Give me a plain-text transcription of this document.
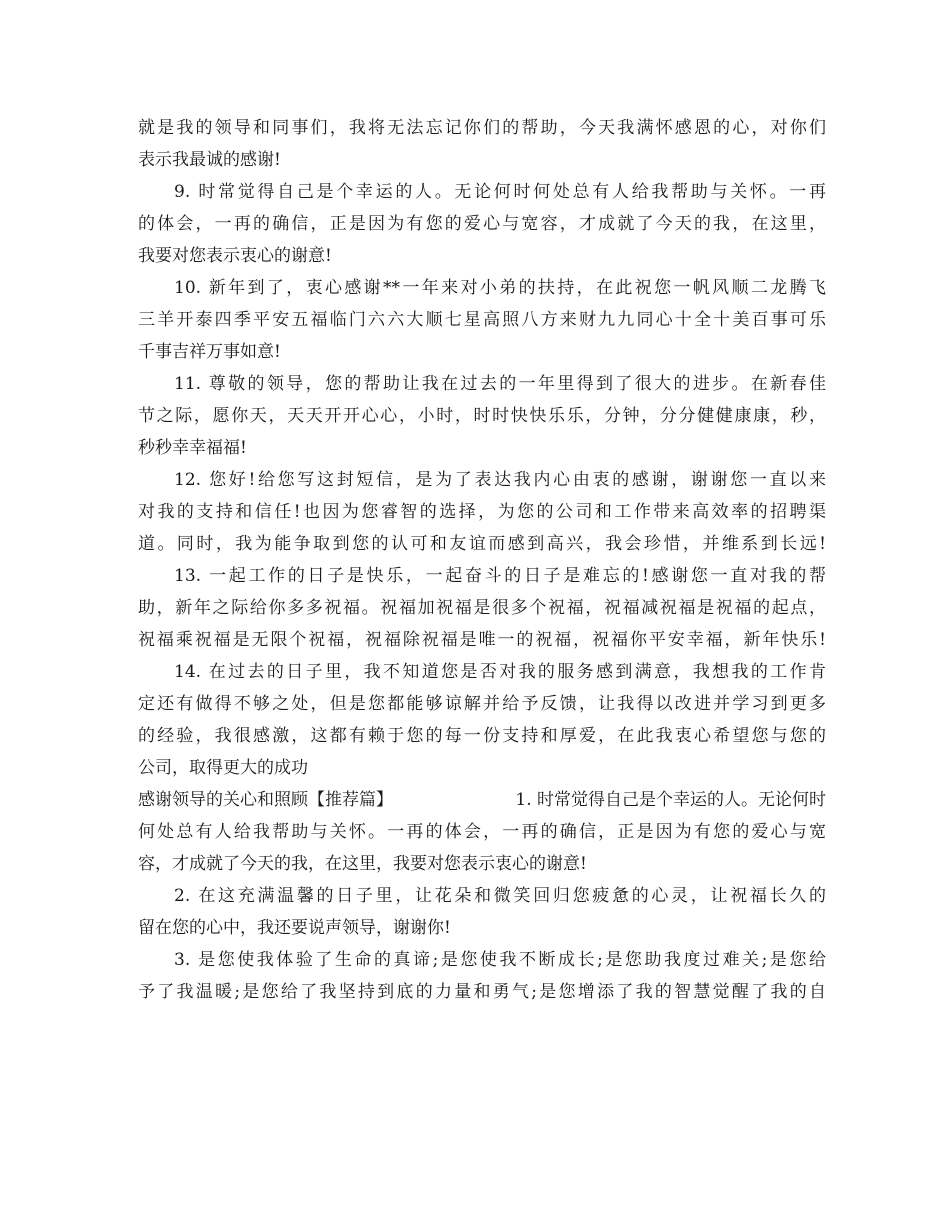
就是我的领导和同事们，我将无法忘记你们的帮助，今天我满怀感恩的心，对你们
表示我最诚的感谢!
9. 时常觉得自己是个幸运的人。无论何时何处总有人给我帮助与关怀。一再
的体会，一再的确信，正是因为有您的爱心与宽容，才成就了今天的我，在这里，
我要对您表示衷心的谢意!
10. 新年到了，衷心感谢**一年来对小弟的扶持，在此祝您一帆风顺二龙腾飞
三羊开泰四季平安五福临门六六大顺七星高照八方来财九九同心十全十美百事可乐
千事吉祥万事如意!
11. 尊敬的领导，您的帮助让我在过去的一年里得到了很大的进步。在新春佳
节之际，愿你天，天天开开心心，小时，时时快快乐乐，分钟，分分健健康康，秒，
秒秒幸幸福福!
12. 您好!给您写这封短信，是为了表达我内心由衷的感谢，谢谢您一直以来
对我的支持和信任!也因为您睿智的选择，为您的公司和工作带来高效率的招聘渠
道。同时，我为能争取到您的认可和友谊而感到高兴，我会珍惜，并维系到长远!
13. 一起工作的日子是快乐，一起奋斗的日子是难忘的!感谢您一直对我的帮
助，新年之际给你多多祝福。祝福加祝福是很多个祝福，祝福减祝福是祝福的起点，
祝福乘祝福是无限个祝福，祝福除祝福是唯一的祝福，祝福你平安幸福，新年快乐!
14. 在过去的日子里，我不知道您是否对我的服务感到满意，我想我的工作肯
定还有做得不够之处，但是您都能够谅解并给予反馈，让我得以改进并学习到更多
的经验，我很感激，这都有赖于您的每一份支持和厚爱，在此我衷心希望您与您的
公司，取得更大的成功
感谢领导的关心和照顾【推荐篇】	1. 时常觉得自己是个幸运的人。无论何时
何处总有人给我帮助与关怀。一再的体会，一再的确信，正是因为有您的爱心与宽
容，才成就了今天的我，在这里，我要对您表示衷心的谢意!
2. 在这充满温馨的日子里，让花朵和微笑回归您疲惫的心灵，让祝福长久的
留在您的心中，我还要说声领导，谢谢你!
3. 是您使我体验了生命的真谛;是您使我不断成长;是您助我度过难关;是您给
予了我温暖;是您给了我坚持到底的力量和勇气;是您增添了我的智慧觉醒了我的自
